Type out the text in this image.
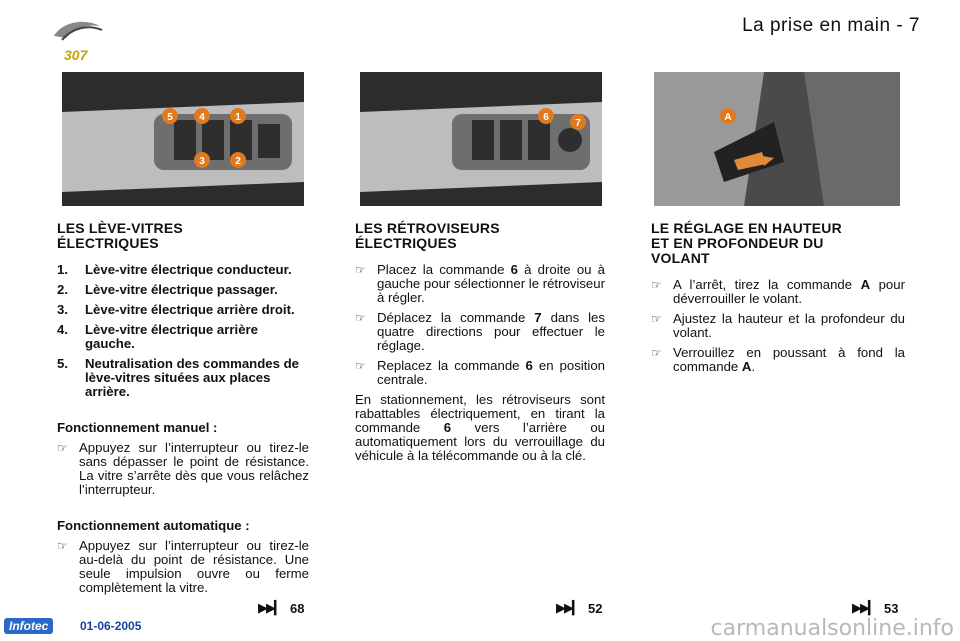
307
La prise en main - 7
5	4	1
3	2
6
7
A
LES LÈVE-VITRES
ÉLECTRIQUES
1.	Lève-vitre électrique conducteur.
2.	Lève-vitre électrique passager.
3.	Lève-vitre électrique arrière droit.
4.	Lève-vitre électrique arrière gauche.
5.	Neutralisation des commandes de lève-vitres situées aux places arrière.
Fonctionnement manuel :
☞ Appuyez sur l’interrupteur ou tirez-le sans dépasser le point de résistance. La vitre s’arrête dès que vous relâchez l’interrupteur.
Fonctionnement automatique :
☞ Appuyez sur l’interrupteur ou tirez-le au-delà du point de résistance. Une seule impulsion ouvre ou ferme complètement la vitre.
LES RÉTROVISEURS
ÉLECTRIQUES
☞ Placez la commande 6 à droite ou à gauche pour sélectionner le rétroviseur à régler.
☞ Déplacez la commande 7 dans les quatre directions pour effectuer le réglage.
☞ Replacez la commande 6 en position centrale.
En stationnement, les rétroviseurs sont rabattables électriquement, en tirant la commande 6 vers l’arrière ou automatiquement lors du verrouillage du véhicule à la télécommande ou à la clé.
LE RÉGLAGE EN HAUTEUR
ET EN PROFONDEUR DU
VOLANT
☞ A l’arrêt, tirez la commande A pour déverrouiller le volant.
☞ Ajustez la hauteur et la profondeur du volant.
☞ Verrouillez en poussant à fond la commande A.
▶▶▎ 68	▶▶▎ 52	▶▶▎ 53
Infotec	01-06-2005	carmanualsonline.info
